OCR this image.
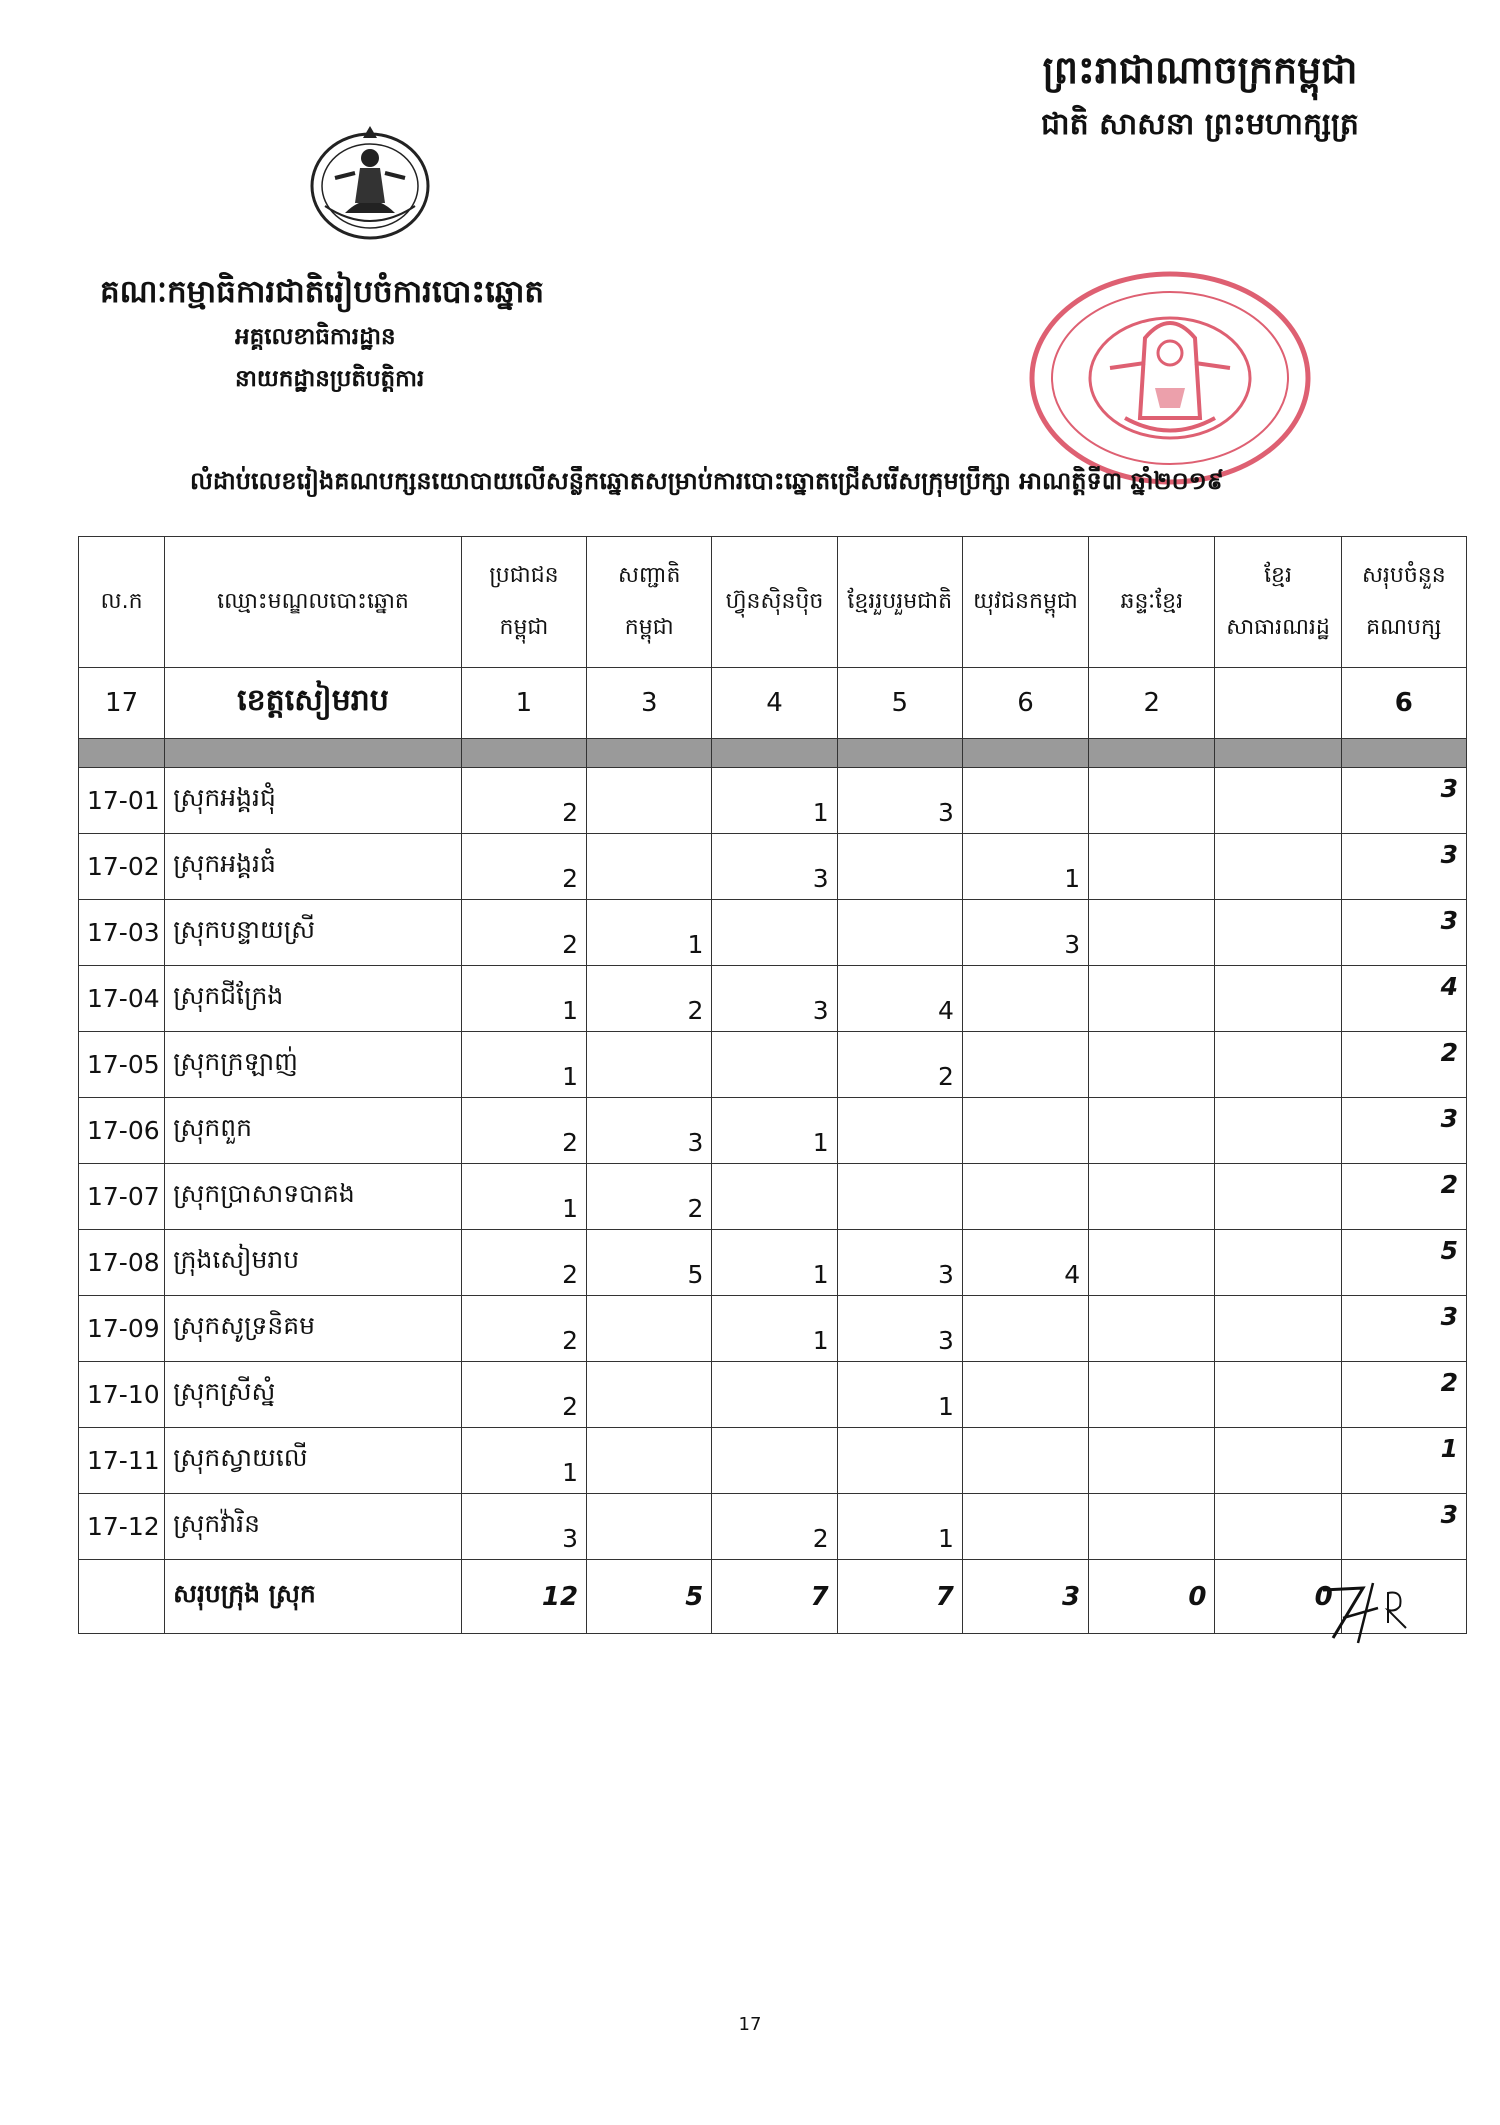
ព្រះរាជាណាចក្រកម្ពុជា
ជាតិ សាសនា ព្រះមហាក្សត្រ
គណៈកម្មាធិការជាតិរៀបចំការបោះឆ្នោត
អគ្គលេខាធិការដ្ឋាន
នាយកដ្ឋានប្រតិបត្តិការ
លំដាប់លេខរៀងគណបក្សនយោបាយលើសន្លឹកឆ្នោតសម្រាប់ការបោះឆ្នោតជ្រើសរើសក្រុមប្រឹក្សា អាណត្តិទី៣ ឆ្នាំ២០១៩
ល.ក	ឈ្មោះមណ្ឌលបោះឆ្នោត	ប្រជាជនកម្ពុជា	សញ្ជាតិកម្ពុជា	ហ៊្វុនស៊ិនប៉ិច	ខ្មែររួបរួមជាតិ	យុវជនកម្ពុជា	ឆន្ទៈខ្មែរ	ខ្មែរសាធារណរដ្ឋ	សរុបចំនួនគណបក្ស
17	ខេត្តសៀមរាប	1	3	4	5	6	2		6

17-01	ស្រុកអង្គរជុំ	2		1	3				3
17-02	ស្រុកអង្គរធំ	2		3		1			3
17-03	ស្រុកបន្ទាយស្រី	2	1			3			3
17-04	ស្រុកជីក្រែង	1	2	3	4				4
17-05	ស្រុកក្រឡាញ់	1			2				2
17-06	ស្រុកពួក	2	3	1					3
17-07	ស្រុកប្រាសាទបាគង	1	2						2
17-08	ក្រុងសៀមរាប	2	5	1	3	4			5
17-09	ស្រុកសូទ្រនិគម	2		1	3				3
17-10	ស្រុកស្រីស្នំ	2			1				2
17-11	ស្រុកស្វាយលើ	1							1
17-12	ស្រុកវ៉ារិន	3		2	1				3
	សរុបក្រុង ស្រុក	12	5	7	7	3	0	0	
17
